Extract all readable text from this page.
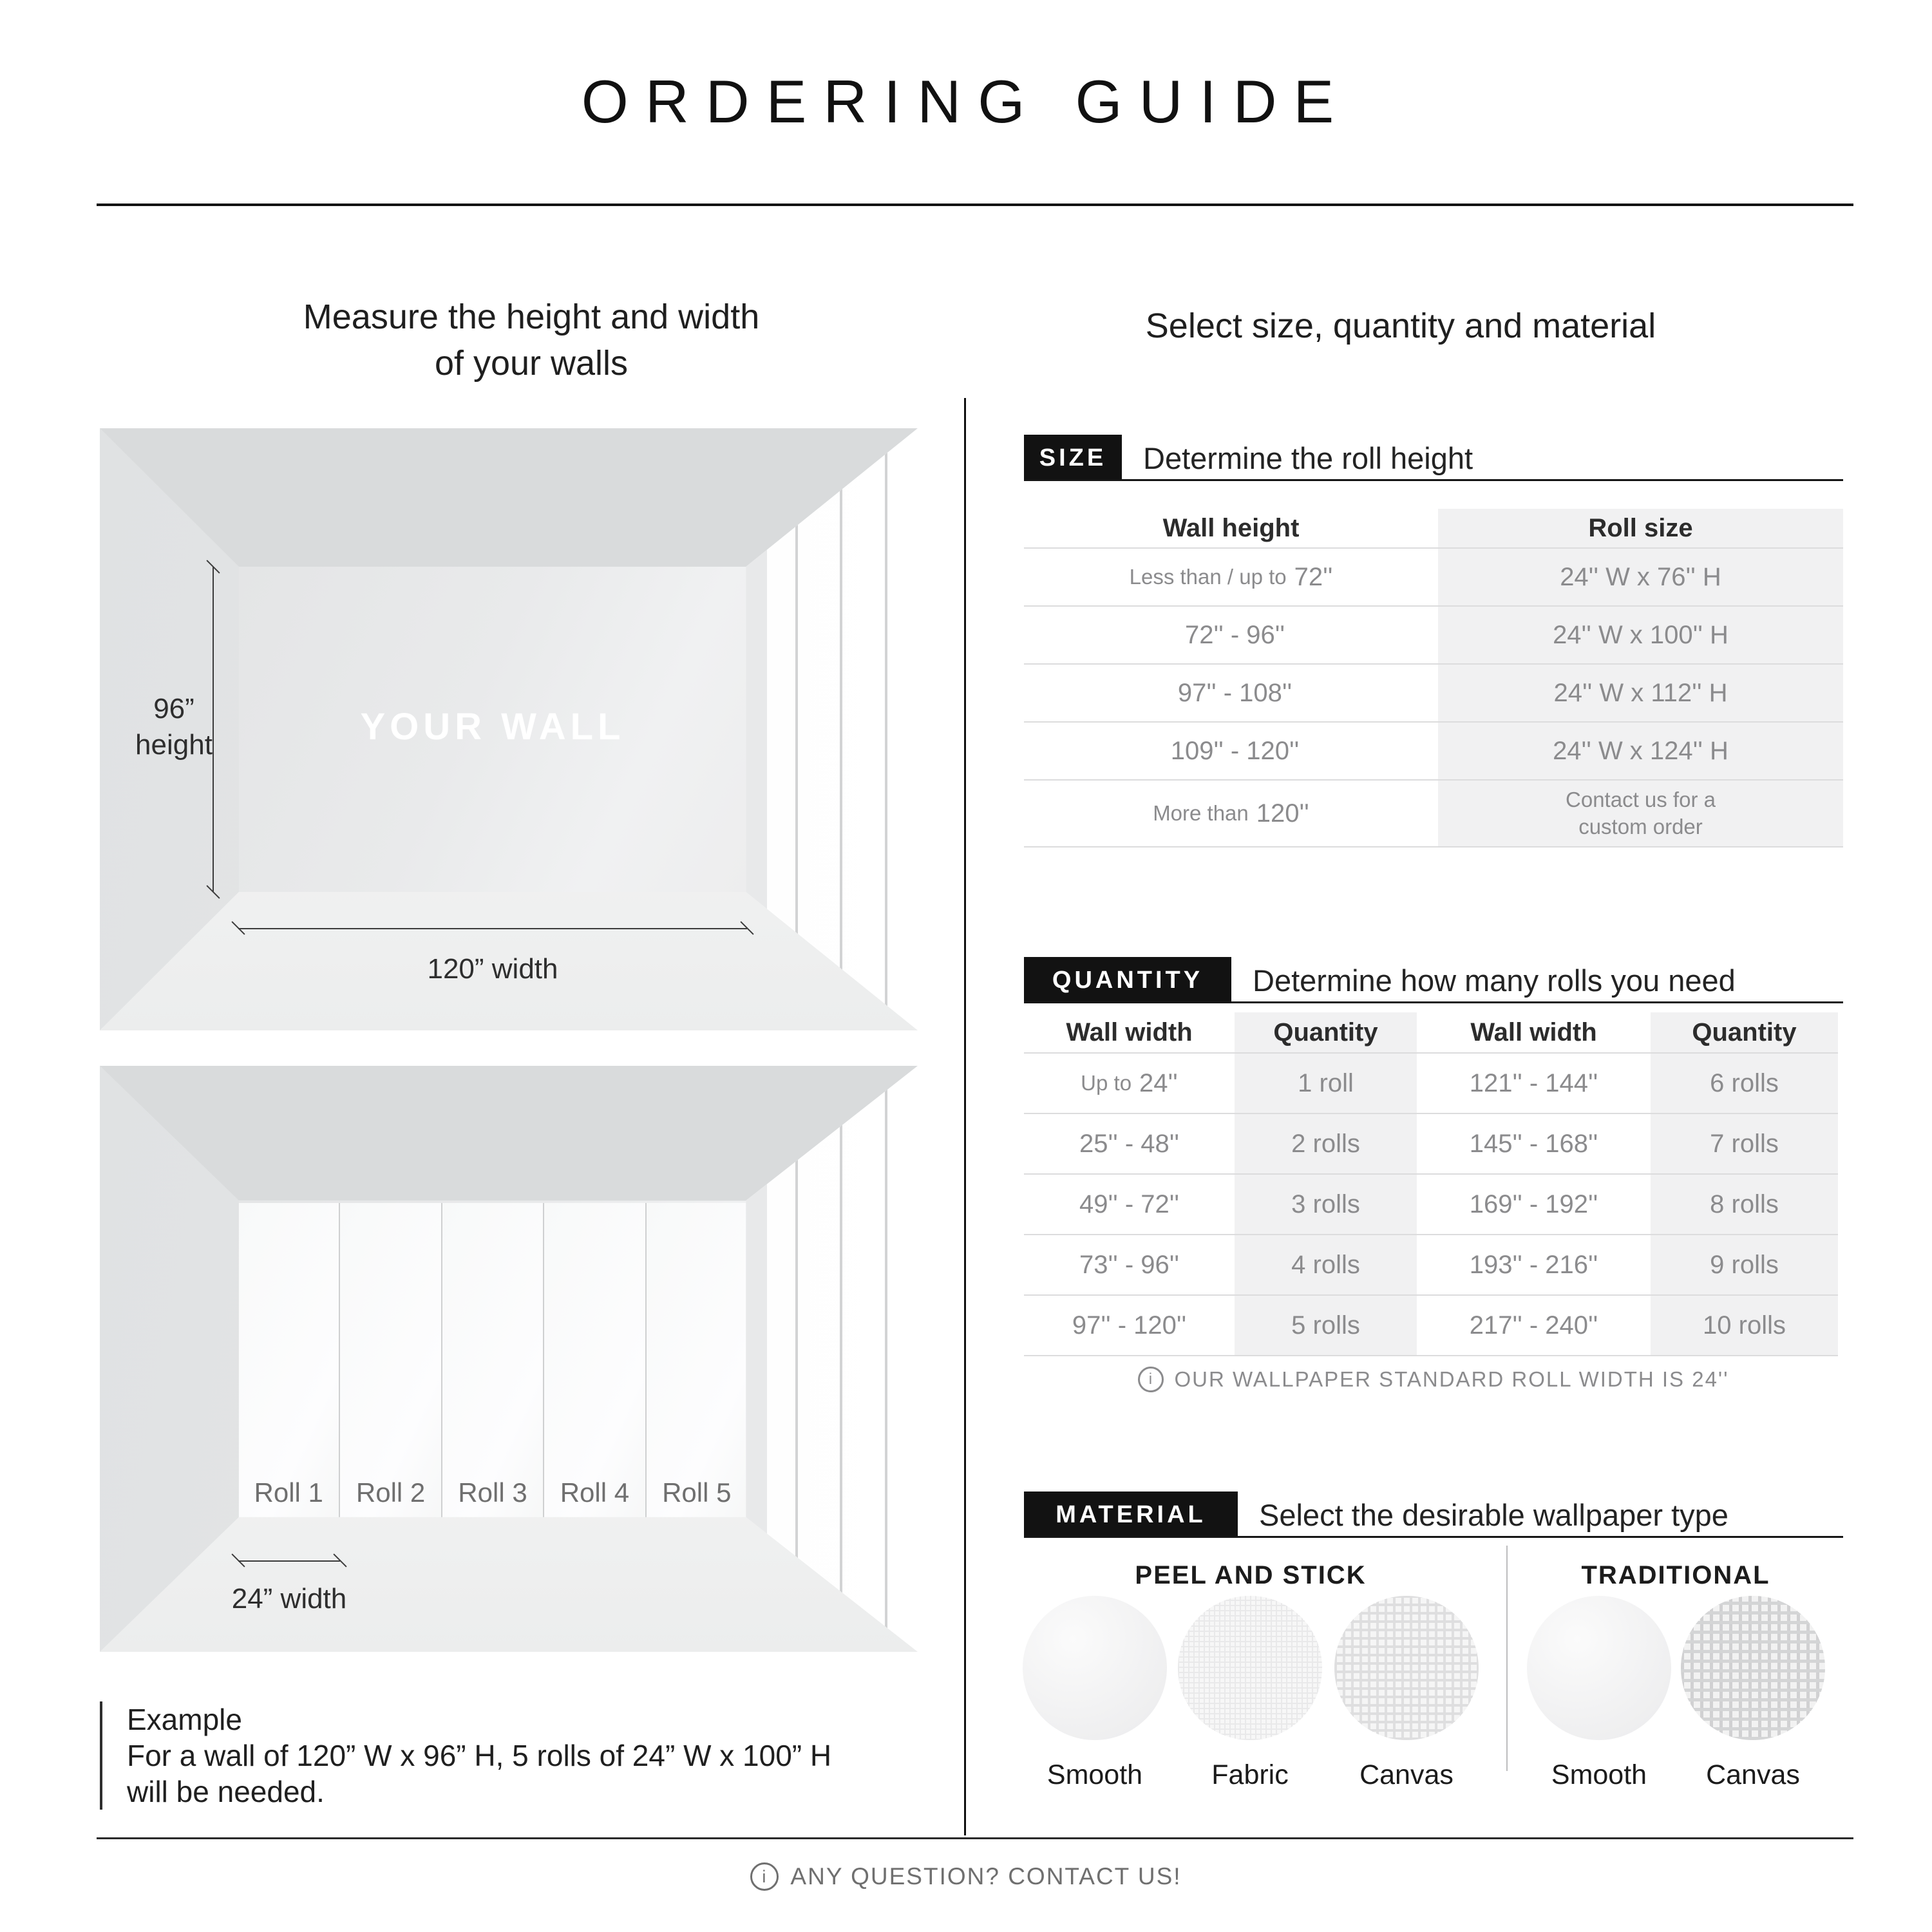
ORDERING GUIDE
Measure the height and width
of your walls
YOUR WALL
96”
height
120” width
Roll 1 Roll 2 Roll 3 Roll 4 Roll 5
24” width
Example
For a wall of 120” W x 96” H, 5 rolls of 24” W x 100” H
will be needed.
Select size, quantity and material
SIZE	Determine the roll height
Wall height	Roll size
Less than / up to 72''	24'' W x 76'' H
72'' - 96''	24'' W x 100'' H
97'' - 108''	24'' W x 112'' H
109'' - 120''	24'' W x 124'' H
More than 120''	Contact us for a
custom order
QUANTITY	Determine how many rolls you need
Wall width	Quantity	Wall width	Quantity
Up to 24''	1 roll	121'' - 144''	6 rolls
25'' - 48''	2 rolls	145'' - 168''	7 rolls
49'' - 72''	3 rolls	169'' - 192''	8 rolls
73'' - 96''	4 rolls	193'' - 216''	9 rolls
97'' - 120''	5 rolls	217'' - 240''	10 rolls
i OUR WALLPAPER STANDARD ROLL WIDTH IS 24''
MATERIAL	Select the desirable wallpaper type
PEEL AND STICK	TRADITIONAL
Smooth	Fabric	Canvas	Smooth	Canvas
i ANY QUESTION? CONTACT US!
